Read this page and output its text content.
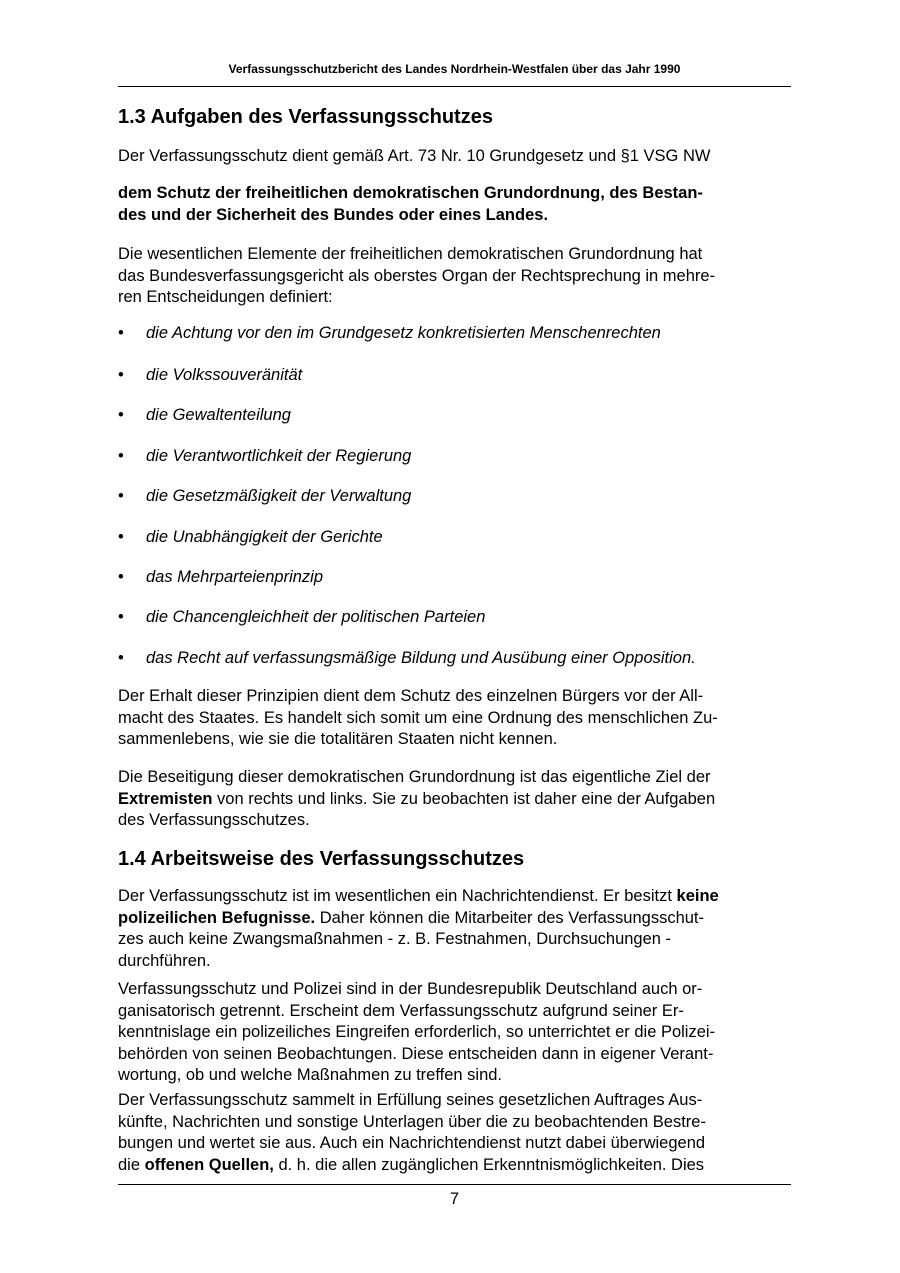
Verfassungsschutzbericht des Landes Nordrhein-Westfalen über das Jahr 1990
1.3 Aufgaben des Verfassungsschutzes

Der Verfassungsschutz dient gemäß Art. 73 Nr. 10 Grundgesetz und §1 VSG NW

dem Schutz der freiheitlichen demokratischen Grundordnung, des Bestan-
des und der Sicherheit des Bundes oder eines Landes.

Die wesentlichen Elemente der freiheitlichen demokratischen Grundordnung hat
das Bundesverfassungsgericht als oberstes Organ der Rechtsprechung in mehre-
ren Entscheidungen definiert:

• die Achtung vor den im Grundgesetz konkretisierten Menschenrechten
• die Volkssouveränität
• die Gewaltenteilung
• die Verantwortlichkeit der Regierung
• die Gesetzmäßigkeit der Verwaltung
• die Unabhängigkeit der Gerichte
• das Mehrparteienprinzip
• die Chancengleichheit der politischen Parteien
• das Recht auf verfassungsmäßige Bildung und Ausübung einer Opposition.

Der Erhalt dieser Prinzipien dient dem Schutz des einzelnen Bürgers vor der All-
macht des Staates. Es handelt sich somit um eine Ordnung des menschlichen Zu-
sammenlebens, wie sie die totalitären Staaten nicht kennen.

Die Beseitigung dieser demokratischen Grundordnung ist das eigentliche Ziel der
Extremisten von rechts und links. Sie zu beobachten ist daher eine der Aufgaben
des Verfassungsschutzes.

1.4 Arbeitsweise des Verfassungsschutzes

Der Verfassungsschutz ist im wesentlichen ein Nachrichtendienst. Er besitzt keine
polizeilichen Befugnisse. Daher können die Mitarbeiter des Verfassungsschut-
zes auch keine Zwangsmaßnahmen - z. B. Festnahmen, Durchsuchungen -
durchführen.

Verfassungsschutz und Polizei sind in der Bundesrepublik Deutschland auch or-
ganisatorisch getrennt. Erscheint dem Verfassungsschutz aufgrund seiner Er-
kenntnislage ein polizeiliches Eingreifen erforderlich, so unterrichtet er die Polizei-
behörden von seinen Beobachtungen. Diese entscheiden dann in eigener Verant-
wortung, ob und welche Maßnahmen zu treffen sind.

Der Verfassungsschutz sammelt in Erfüllung seines gesetzlichen Auftrages Aus-
künfte, Nachrichten und sonstige Unterlagen über die zu beobachtenden Bestre-
bungen und wertet sie aus. Auch ein Nachrichtendienst nutzt dabei überwiegend
die offenen Quellen, d. h. die allen zugänglichen Erkenntnismöglichkeiten. Dies

7
